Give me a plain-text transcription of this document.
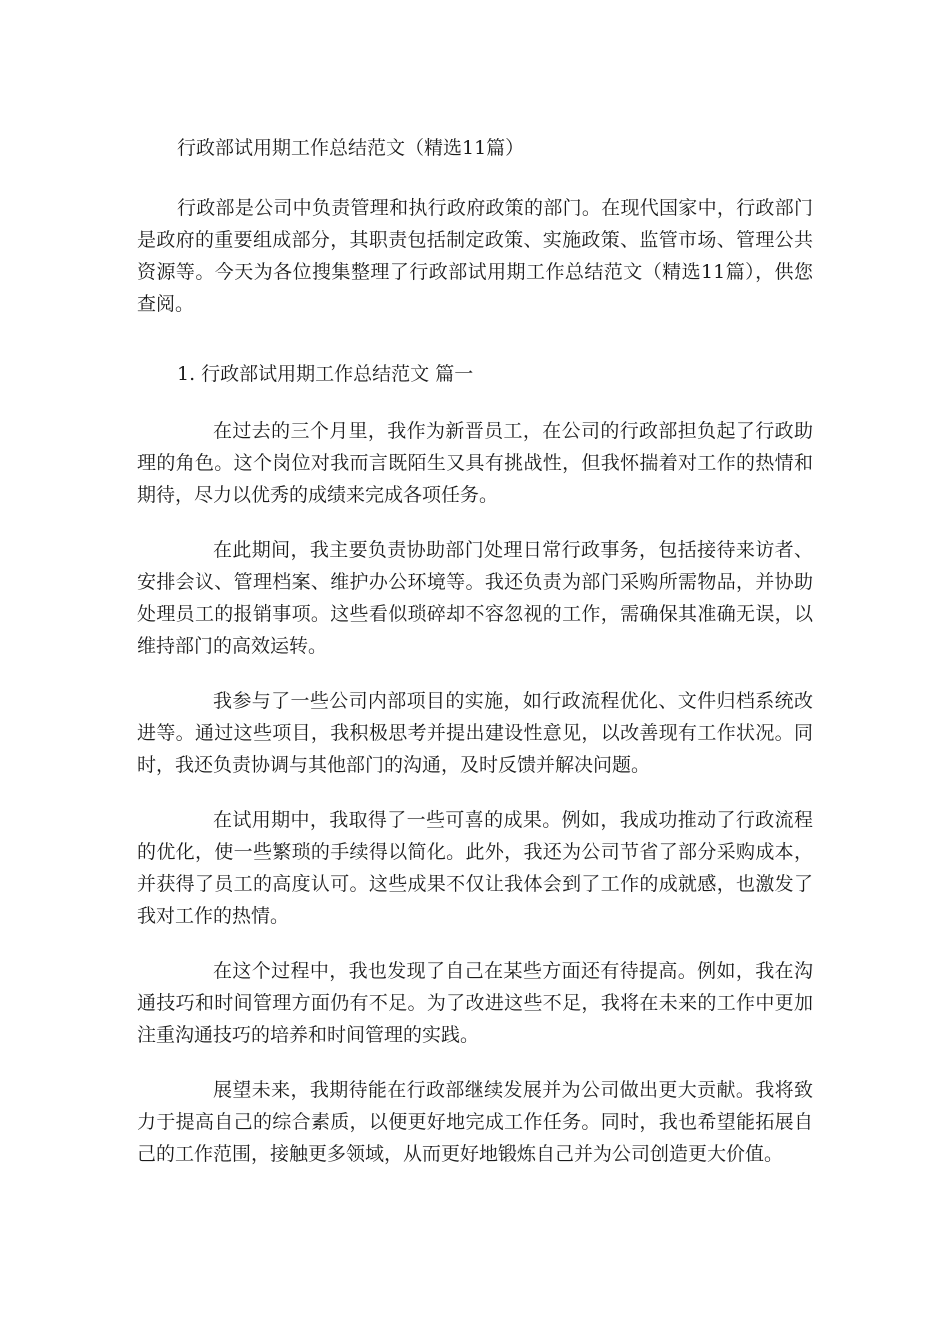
行政部试用期工作总结范文（精选11篇）

行政部是公司中负责管理和执行政府政策的部门。在现代国家中，行政部门是政府的重要组成部分，其职责包括制定政策、实施政策、监管市场、管理公共资源等。今天为各位搜集整理了行政部试用期工作总结范文（精选11篇），供您查阅。

1. 行政部试用期工作总结范文 篇一

在过去的三个月里，我作为新晋员工，在公司的行政部担负起了行政助理的角色。这个岗位对我而言既陌生又具有挑战性，但我怀揣着对工作的热情和期待，尽力以优秀的成绩来完成各项任务。

在此期间，我主要负责协助部门处理日常行政事务，包括接待来访者、安排会议、管理档案、维护办公环境等。我还负责为部门采购所需物品，并协助处理员工的报销事项。这些看似琐碎却不容忽视的工作，需确保其准确无误，以维持部门的高效运转。

我参与了一些公司内部项目的实施，如行政流程优化、文件归档系统改进等。通过这些项目，我积极思考并提出建设性意见，以改善现有工作状况。同时，我还负责协调与其他部门的沟通，及时反馈并解决问题。

在试用期中，我取得了一些可喜的成果。例如，我成功推动了行政流程的优化，使一些繁琐的手续得以简化。此外，我还为公司节省了部分采购成本，并获得了员工的高度认可。这些成果不仅让我体会到了工作的成就感，也激发了我对工作的热情。

在这个过程中，我也发现了自己在某些方面还有待提高。例如，我在沟通技巧和时间管理方面仍有不足。为了改进这些不足，我将在未来的工作中更加注重沟通技巧的培养和时间管理的实践。

展望未来，我期待能在行政部继续发展并为公司做出更大贡献。我将致力于提高自己的综合素质，以便更好地完成工作任务。同时，我也希望能拓展自己的工作范围，接触更多领域，从而更好地锻炼自己并为公司创造更大价值。
